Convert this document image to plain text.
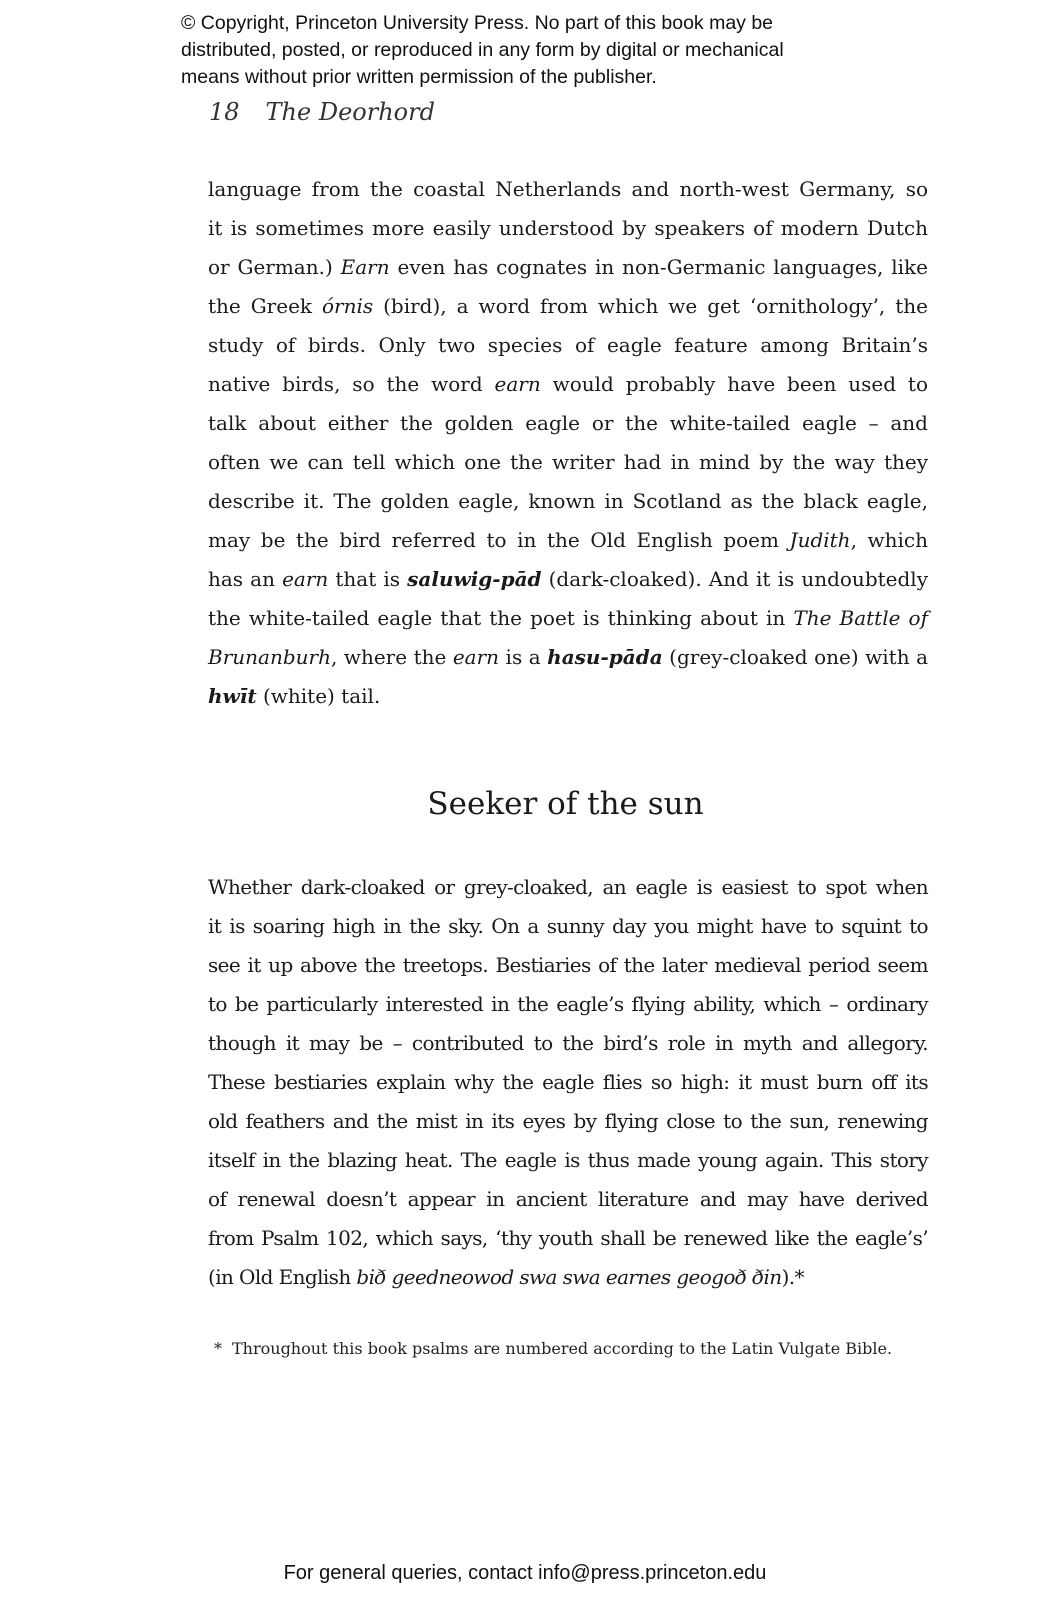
© Copyright, Princeton University Press. No part of this book may be
distributed, posted, or reproduced in any form by digital or mechanical
means without prior written permission of the publisher.
18 The Deorhord
language from the coastal Netherlands and north-west Germany, so
it is sometimes more easily understood by speakers of modern Dutch
or German.) Earn even has cognates in non-Germanic languages, like
the Greek órnis (bird), a word from which we get ‘ornithology’, the
study of birds. Only two species of eagle feature among Britain’s
native birds, so the word earn would probably have been used to
talk about either the golden eagle or the white-tailed eagle – and
often we can tell which one the writer had in mind by the way they
describe it. The golden eagle, known in Scotland as the black eagle,
may be the bird referred to in the Old English poem Judith, which
has an earn that is saluwig-pād (dark-cloaked). And it is undoubtedly
the white-tailed eagle that the poet is thinking about in The Battle of
Brunanburh, where the earn is a hasu-pāda (grey-cloaked one) with a
hwīt (white) tail.
Seeker of the sun
Whether dark-cloaked or grey-cloaked, an eagle is easiest to spot when
it is soaring high in the sky. On a sunny day you might have to squint to
see it up above the treetops. Bestiaries of the later medieval period seem
to be particularly interested in the eagle’s flying ability, which – ordinary
though it may be – contributed to the bird’s role in myth and allegory.
These bestiaries explain why the eagle flies so high: it must burn off its
old feathers and the mist in its eyes by flying close to the sun, renewing
itself in the blazing heat. The eagle is thus made young again. This story
of renewal doesn’t appear in ancient literature and may have derived
from Psalm 102, which says, ‘thy youth shall be renewed like the eagle’s’
(in Old English bið geedneowod swa swa earnes geogoð ðin).*
* Throughout this book psalms are numbered according to the Latin Vulgate Bible.
For general queries, contact info@press.princeton.edu
